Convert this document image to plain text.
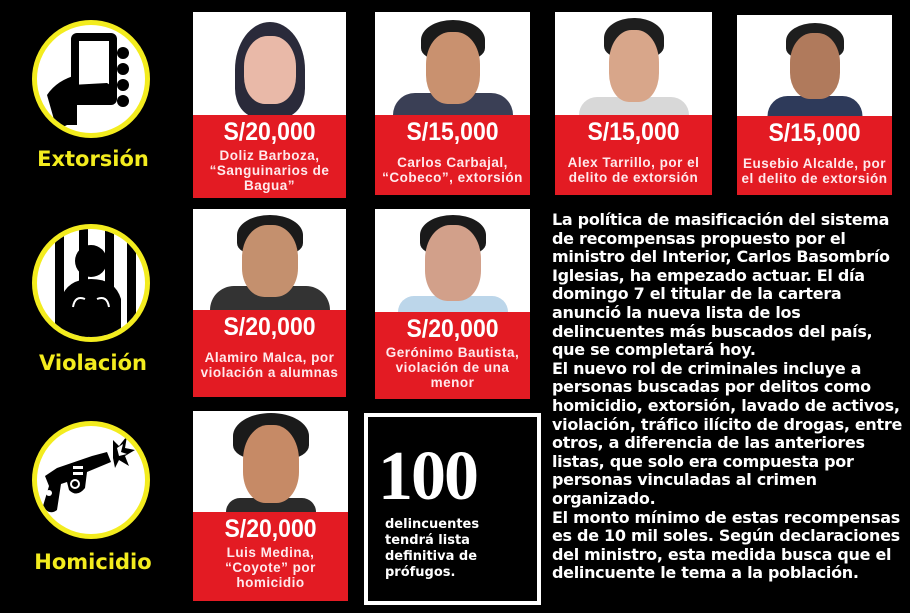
Extorsión
Violación
Homicidio
S/20,000
Doliz Barboza, “Sanguinarios de Bagua”
S/15,000
Carlos Carbajal, “Cobeco”, extorsión
S/15,000
Alex Tarrillo, por el delito de extorsión
S/15,000
Eusebio Alcalde, por el delito de extorsión
S/20,000
Alamiro Malca, por violación a alumnas
S/20,000
Gerónimo Bautista, violación de una menor
S/20,000
Luis Medina, “Coyote” por homicidio
100
delincuentes tendrá lista definitiva de prófugos.

La política de masificación del sistema de recompensas propuesto por el ministro del Interior, Carlos Basombrío Iglesias, ha empezado actuar. El día domingo 7 el titular de la cartera anunció la nueva lista de los delincuentes más buscados del país, que se completará hoy.

El nuevo rol de criminales incluye a personas buscadas por delitos como homicidio, extorsión, lavado de activos, violación, tráfico ilícito de drogas, entre otros, a diferencia de las anteriores listas, que solo era compuesta por personas vinculadas al crimen organizado.

El monto mínimo de estas recompensas es de 10 mil soles. Según declaraciones del ministro, esta medida busca que el delincuente le tema a la población.
